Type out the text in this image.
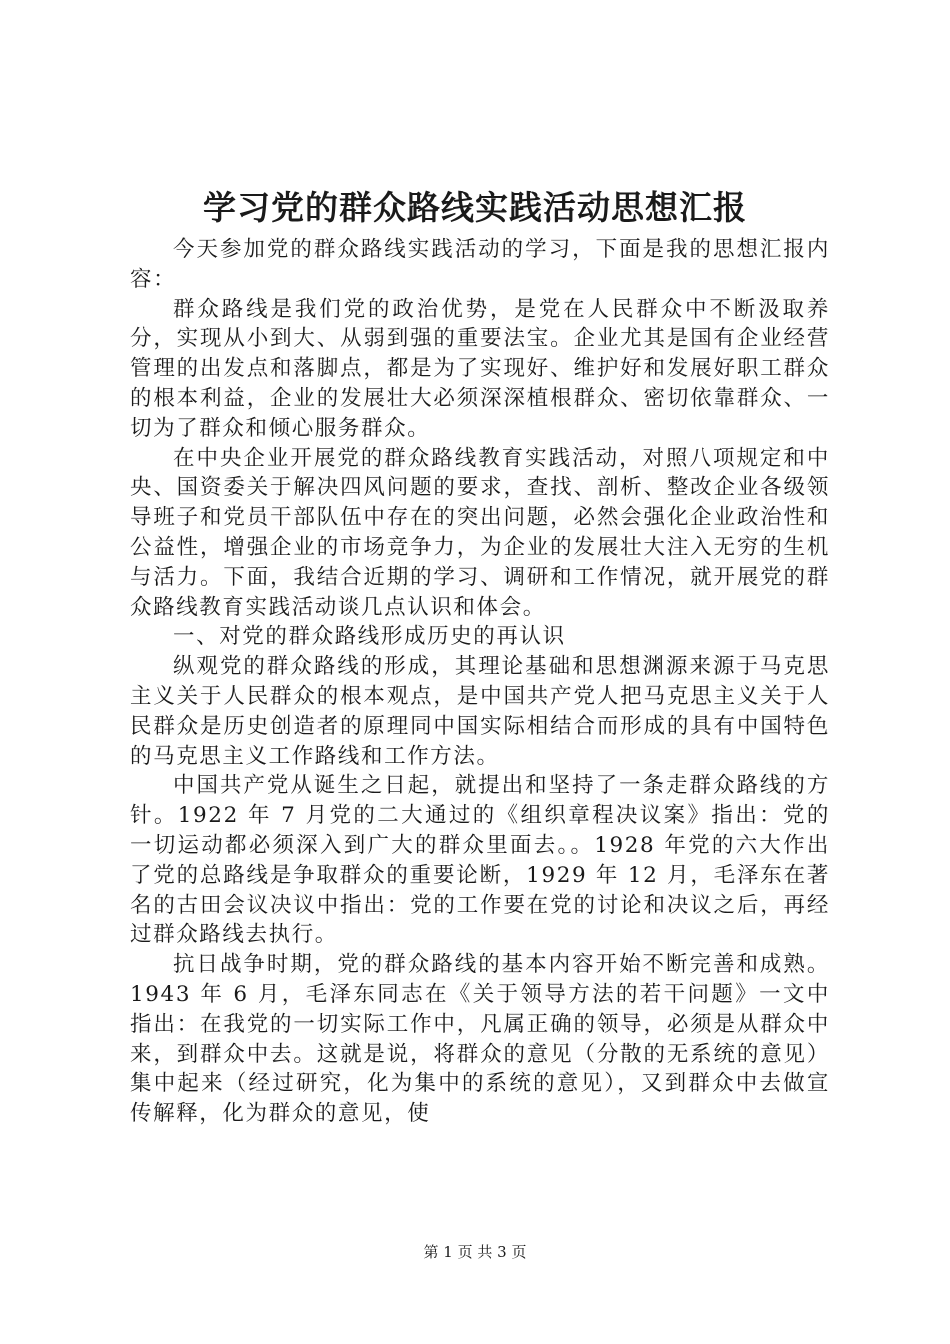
学习党的群众路线实践活动思想汇报

今天参加党的群众路线实践活动的学习，下面是我的思想汇报内容：

群众路线是我们党的政治优势，是党在人民群众中不断汲取养分，实现从小到大、从弱到强的重要法宝。企业尤其是国有企业经营管理的出发点和落脚点，都是为了实现好、维护好和发展好职工群众的根本利益，企业的发展壮大必须深深植根群众、密切依靠群众、一切为了群众和倾心服务群众。

在中央企业开展党的群众路线教育实践活动，对照八项规定和中央、国资委关于解决四风问题的要求，查找、剖析、整改企业各级领导班子和党员干部队伍中存在的突出问题，必然会强化企业政治性和公益性，增强企业的市场竞争力，为企业的发展壮大注入无穷的生机与活力。下面，我结合近期的学习、调研和工作情况，就开展党的群众路线教育实践活动谈几点认识和体会。

一、对党的群众路线形成历史的再认识

纵观党的群众路线的形成，其理论基础和思想渊源来源于马克思主义关于人民群众的根本观点，是中国共产党人把马克思主义关于人民群众是历史创造者的原理同中国实际相结合而形成的具有中国特色的马克思主义工作路线和工作方法。

中国共产党从诞生之日起，就提出和坚持了一条走群众路线的方针。1922 年 7 月党的二大通过的《组织章程决议案》指出：党的一切运动都必须深入到广大的群众里面去。。1928 年党的六大作出了党的总路线是争取群众的重要论断，1929 年 12 月，毛泽东在著名的古田会议决议中指出：党的工作要在党的讨论和决议之后，再经过群众路线去执行。

抗日战争时期，党的群众路线的基本内容开始不断完善和成熟。1943 年 6 月，毛泽东同志在《关于领导方法的若干问题》一文中指出：在我党的一切实际工作中，凡属正确的领导，必须是从群众中来，到群众中去。这就是说，将群众的意见（分散的无系统的意见）集中起来（经过研究，化为集中的系统的意见），又到群众中去做宣传解释，化为群众的意见，使

第 1 页 共 3 页
